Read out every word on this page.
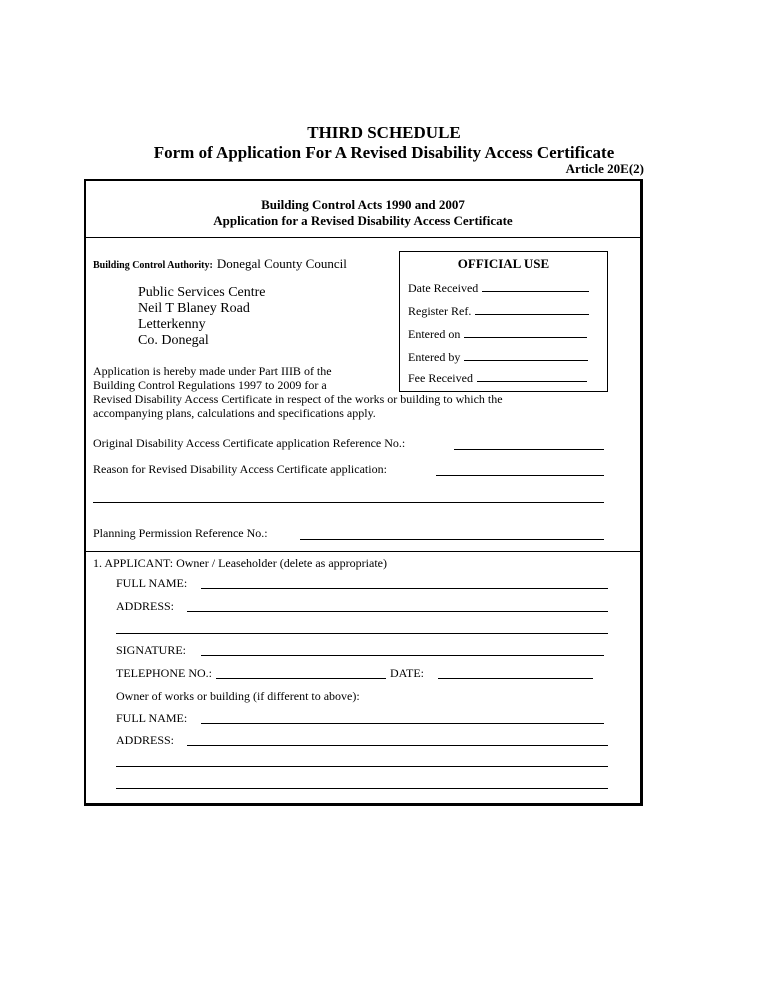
THIRD SCHEDULE
Form of Application For A Revised Disability Access Certificate
Article 20E(2)
Building Control Acts 1990 and 2007
Application for a Revised Disability Access Certificate
Building Control Authority: Donegal County Council
Public Services Centre
Neil T Blaney Road
Letterkenny
Co. Donegal
OFFICIAL USE
Date Received
Register Ref.
Entered on
Entered by
Fee Received
Application is hereby made under Part IIIB of the
Building Control Regulations 1997 to 2009 for a
Revised Disability Access Certificate in respect of the works or building to which the
accompanying plans, calculations and specifications apply.
Original Disability Access Certificate application Reference No.:
Reason for Revised Disability Access Certificate application:
Planning Permission Reference No.:
1. APPLICANT: Owner / Leaseholder (delete as appropriate)
FULL NAME:
ADDRESS:
SIGNATURE:
TELEPHONE NO.:	DATE:
Owner of works or building (if different to above):
FULL NAME:
ADDRESS:
